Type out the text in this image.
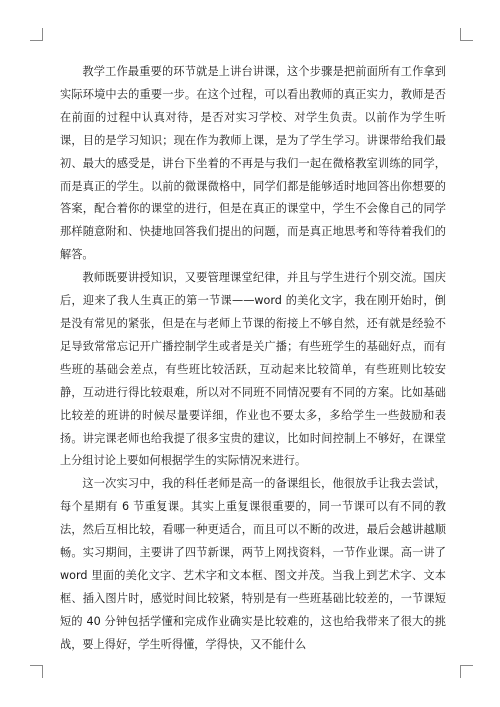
教学工作最重要的环节就是上讲台讲课，这个步骤是把前面所有工作拿到实际环境中去的重要一步。在这个过程，可以看出教师的真正实力，教师是否在前面的过程中认真对待，是否对实习学校、对学生负责。以前作为学生听课，目的是学习知识；现在作为教师上课，是为了学生学习。讲课带给我们最初、最大的感受是，讲台下坐着的不再是与我们一起在微格教室训练的同学，而是真正的学生。以前的微课微格中，同学们都是能够适时地回答出你想要的答案，配合着你的课堂的进行，但是在真正的课堂中，学生不会像自己的同学那样随意附和、快捷地回答我们提出的问题，而是真正地思考和等待着我们的解答。

教师既要讲授知识，又要管理课堂纪律，并且与学生进行个别交流。国庆后，迎来了我人生真正的第一节课——word 的美化文字，我在刚开始时，倒是没有常见的紧张，但是在与老师上节课的衔接上不够自然，还有就是经验不足导致常常忘记开广播控制学生或者是关广播；有些班学生的基础好点，而有些班的基础会差点，有些班比较活跃，互动起来比较简单，有些班则比较安静，互动进行得比较艰难，所以对不同班不同情况要有不同的方案。比如基础比较差的班讲的时候尽量要详细，作业也不要太多，多给学生一些鼓励和表扬。讲完课老师也给我提了很多宝贵的建议，比如时间控制上不够好，在课堂上分组讨论上要如何根据学生的实际情况来进行。

这一次实习中，我的科任老师是高一的备课组长，他很放手让我去尝试，每个星期有 6 节重复课。其实上重复课很重要的，同一节课可以有不同的教法，然后互相比较，看哪一种更适合，而且可以不断的改进，最后会越讲越顺畅。实习期间，主要讲了四节新课，两节上网找资料，一节作业课。高一讲了 word 里面的美化文字、艺术字和文本框、图文并茂。当我上到艺术字、文本框、插入图片时，感觉时间比较紧，特别是有一些班基础比较差的，一节课短短的 40 分钟包括学懂和完成作业确实是比较难的，这也给我带来了很大的挑战，要上得好，学生听得懂，学得快，又不能什么
